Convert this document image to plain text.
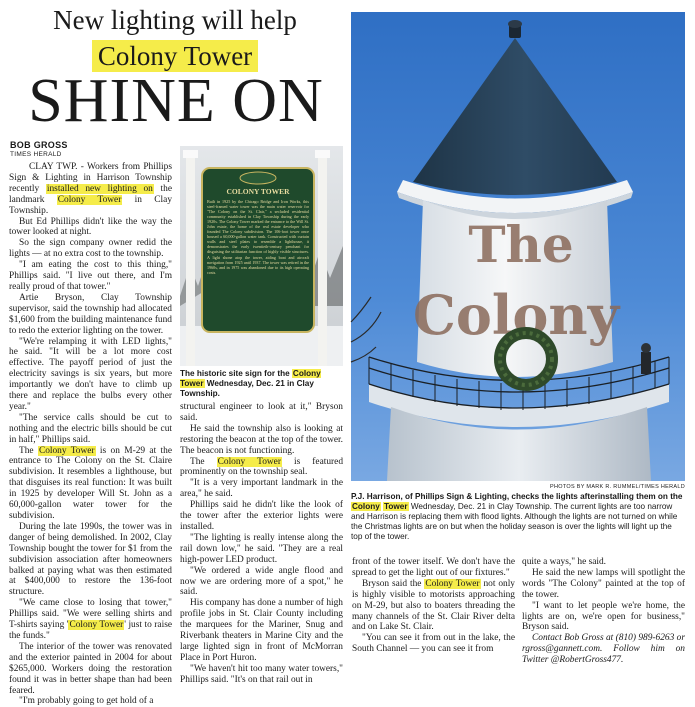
New lighting will help
Colony Tower
SHINE ON
BOB GROSS
TIMES HERALD

CLAY TWP. - Workers from Phillips Sign & Lighting in Harrison Township recently installed new lighting on the landmark Colony Tower in Clay Township.

But Ed Phillips didn't like the way the tower looked at night.

So the sign company owner redid the lights — at no extra cost to the township.

"I am eating the cost to this thing," Phillips said. "I live out there, and I'm really proud of that tower."

Artie Bryson, Clay Township supervisor, said the township had allocated $1,600 from the building maintenance fund to redo the exterior lighting on the tower.

"We're relamping it with LED lights," he said. "It will be a lot more cost effective. The payoff period of just the electricity savings is six years, but more importantly we don't have to climb up there and replace the bulbs every other year."

"The service calls should be cut to nothing and the electric bills should be cut in half," Phillips said.

The Colony Tower is on M-29 at the entrance to The Colony on the St. Claire subdivision. It resembles a lighthouse, but that disguises its real function: It was built in 1925 by developer Will St. John as a 60,000-gallon water tower for the subdivision.

During the late 1990s, the tower was in danger of being demolished. In 2002, Clay Township bought the tower for $1 from the subdivision association after homeowners balked at paying what was then estimated at $400,000 to restore the 136-foot structure.

"We came close to losing that tower," Phillips said. "We were selling shirts and T-shirts saying 'Colony Tower' just to raise the funds."

The interior of the tower was renovated and the exterior painted in 2004 for about $265,000. Workers doing the restoration found it was in better shape than had been feared.

"I'm probably going to get hold of a

COLONY TOWER
Built in 1925 by the Chicago Bridge and Iron Works, this steel-framed water tower was the main water reservoir for "The Colony on the St. Clair," a secluded residential community established in Clay Township during the early 1920s. The Colony Tower marked the entrance to the Will St. John estate, the home of the real estate developer who founded The Colony subdivision. The 106-foot tower once housed a 60,000-gallon water tank. Constructed with curtain walls and steel plates to resemble a lighthouse, it demonstrates the early twentieth-century penchant for disguising the utilitarian function of highly visible structures. A light shone atop the tower, aiding boat and aircraft navigation from 1925 until 1937. The tower was retired in the 1960s, and in 1975 was abandoned due to its high operating costs.
The historic site sign for the Colony Tower Wednesday, Dec. 21 in Clay Township.

structural engineer to look at it," Bryson said.

He said the township also is looking at restoring the beacon at the top of the tower. The beacon is not functioning.

The Colony Tower is featured prominently on the township seal.

"It is a very important landmark in the area," he said.

Phillips said he didn't like the look of the tower after the exterior lights were installed.

"The lighting is really intense along the rail down low," he said. "They are a real high-power LED product.

"We ordered a wide angle flood and now we are ordering more of a spot," he said.

His company has done a number of high profile jobs in St. Clair County including the marquees for the Mariner, Snug and Riverbank theaters in Marine City and the large lighted sign in front of McMorran Place in Port Huron.

"We haven't hit too many water towers," Phillips said. "It's on that rail out in

The
Colony
PHOTOS BY MARK R. RUMMEL/TIMES HERALD
P.J. Harrison, of Phillips Sign & Lighting, checks the lights afterinstalling them on the Colony Tower Wednesday, Dec. 21 in Clay Township. The current lights are too narrow and Harrison is replacing them with flood lights. Although the lights are not turned on while the Christmas lights are on but when the holiday season is over the lights will light up the top of the tower.

front of the tower itself. We don't have the spread to get the light out of our fixtures."

Bryson said the Colony Tower not only is highly visible to motorists approaching on M-29, but also to boaters threading the many channels of the St. Clair River delta and on Lake St. Clair.

"You can see it from out in the lake, the South Channel — you can see it from

quite a ways," he said.

He said the new lamps will spotlight the words "The Colony" painted at the top of the tower.

"I want to let people we're home, the lights are on, we're open for business," Bryson said.

Contact Bob Gross at (810) 989-6263 or rgross@gannett.com. Follow him on Twitter @RobertGross477.
